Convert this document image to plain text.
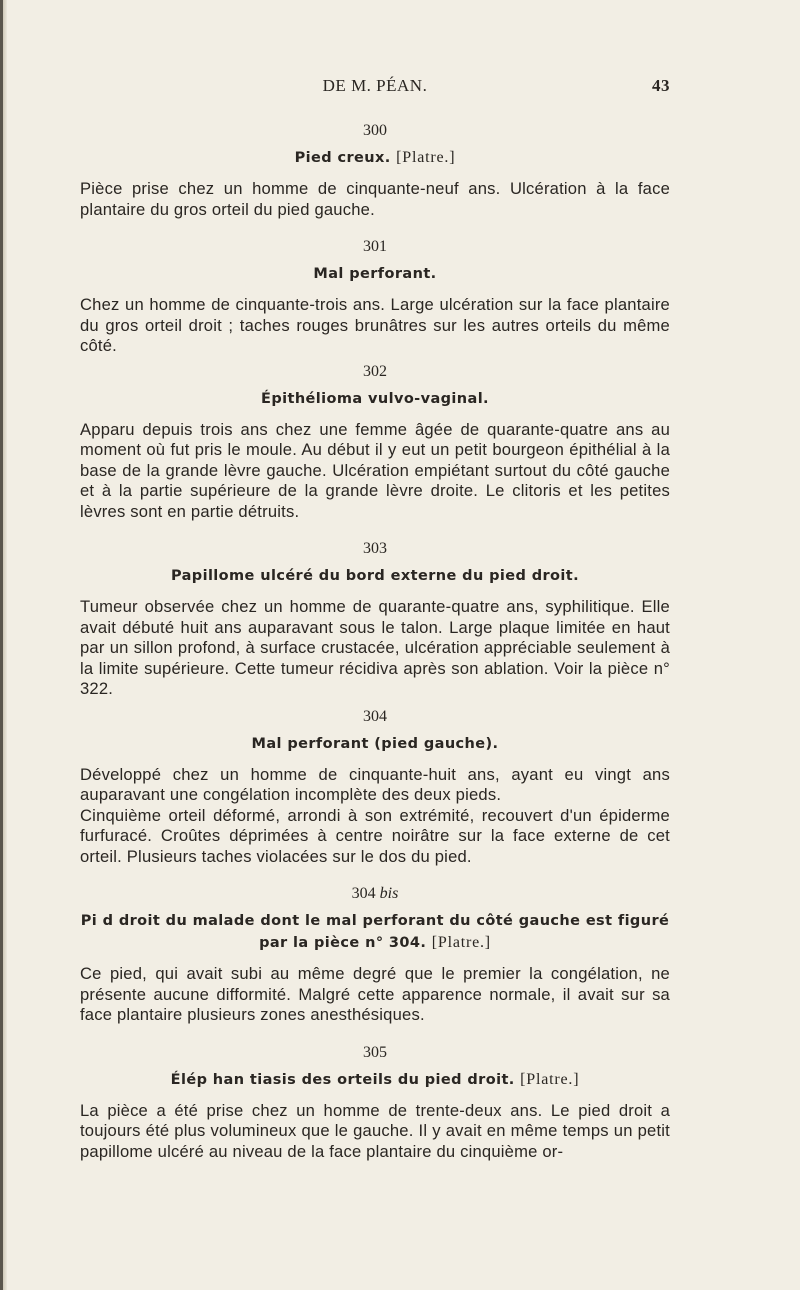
DE M. PÉAN.	43
300
Pied creux. [Platre.]
Pièce prise chez un homme de cinquante-neuf ans. Ulcération à la face plantaire du gros orteil du pied gauche.
301
Mal perforant.
Chez un homme de cinquante-trois ans. Large ulcération sur la face plantaire du gros orteil droit ; taches rouges brunâtres sur les autres orteils du même côté.
302
Épithélioma vulvo-vaginal.
Apparu depuis trois ans chez une femme âgée de quarante-quatre ans au moment où fut pris le moule. Au début il y eut un petit bourgeon épithélial à la base de la grande lèvre gauche. Ulcération empiétant surtout du côté gauche et à la partie supérieure de la grande lèvre droite. Le clitoris et les petites lèvres sont en partie détruits.
303
Papillome ulcéré du bord externe du pied droit.
Tumeur observée chez un homme de quarante-quatre ans, syphilitique. Elle avait débuté huit ans auparavant sous le talon. Large plaque limitée en haut par un sillon profond, à surface crustacée, ulcération appréciable seulement à la limite supérieure. Cette tumeur récidiva après son ablation. Voir la pièce n° 322.
304
Mal perforant (pied gauche).
Développé chez un homme de cinquante-huit ans, ayant eu vingt ans auparavant une congélation incomplète des deux pieds.
Cinquième orteil déformé, arrondi à son extrémité, recouvert d'un épiderme furfuracé. Croûtes déprimées à centre noirâtre sur la face externe de cet orteil. Plusieurs taches violacées sur le dos du pied.
304 bis
Pi d droit du malade dont le mal perforant du côté gauche est figuré par la pièce n° 304. [Platre.]
Ce pied, qui avait subi au même degré que le premier la congélation, ne présente aucune difformité. Malgré cette apparence normale, il avait sur sa face plantaire plusieurs zones anesthésiques.
305
Élép han tiasis des orteils du pied droit. [Platre.]
La pièce a été prise chez un homme de trente-deux ans. Le pied droit a toujours été plus volumineux que le gauche. Il y avait en même temps un petit papillome ulcéré au niveau de la face plantaire du cinquième or-
